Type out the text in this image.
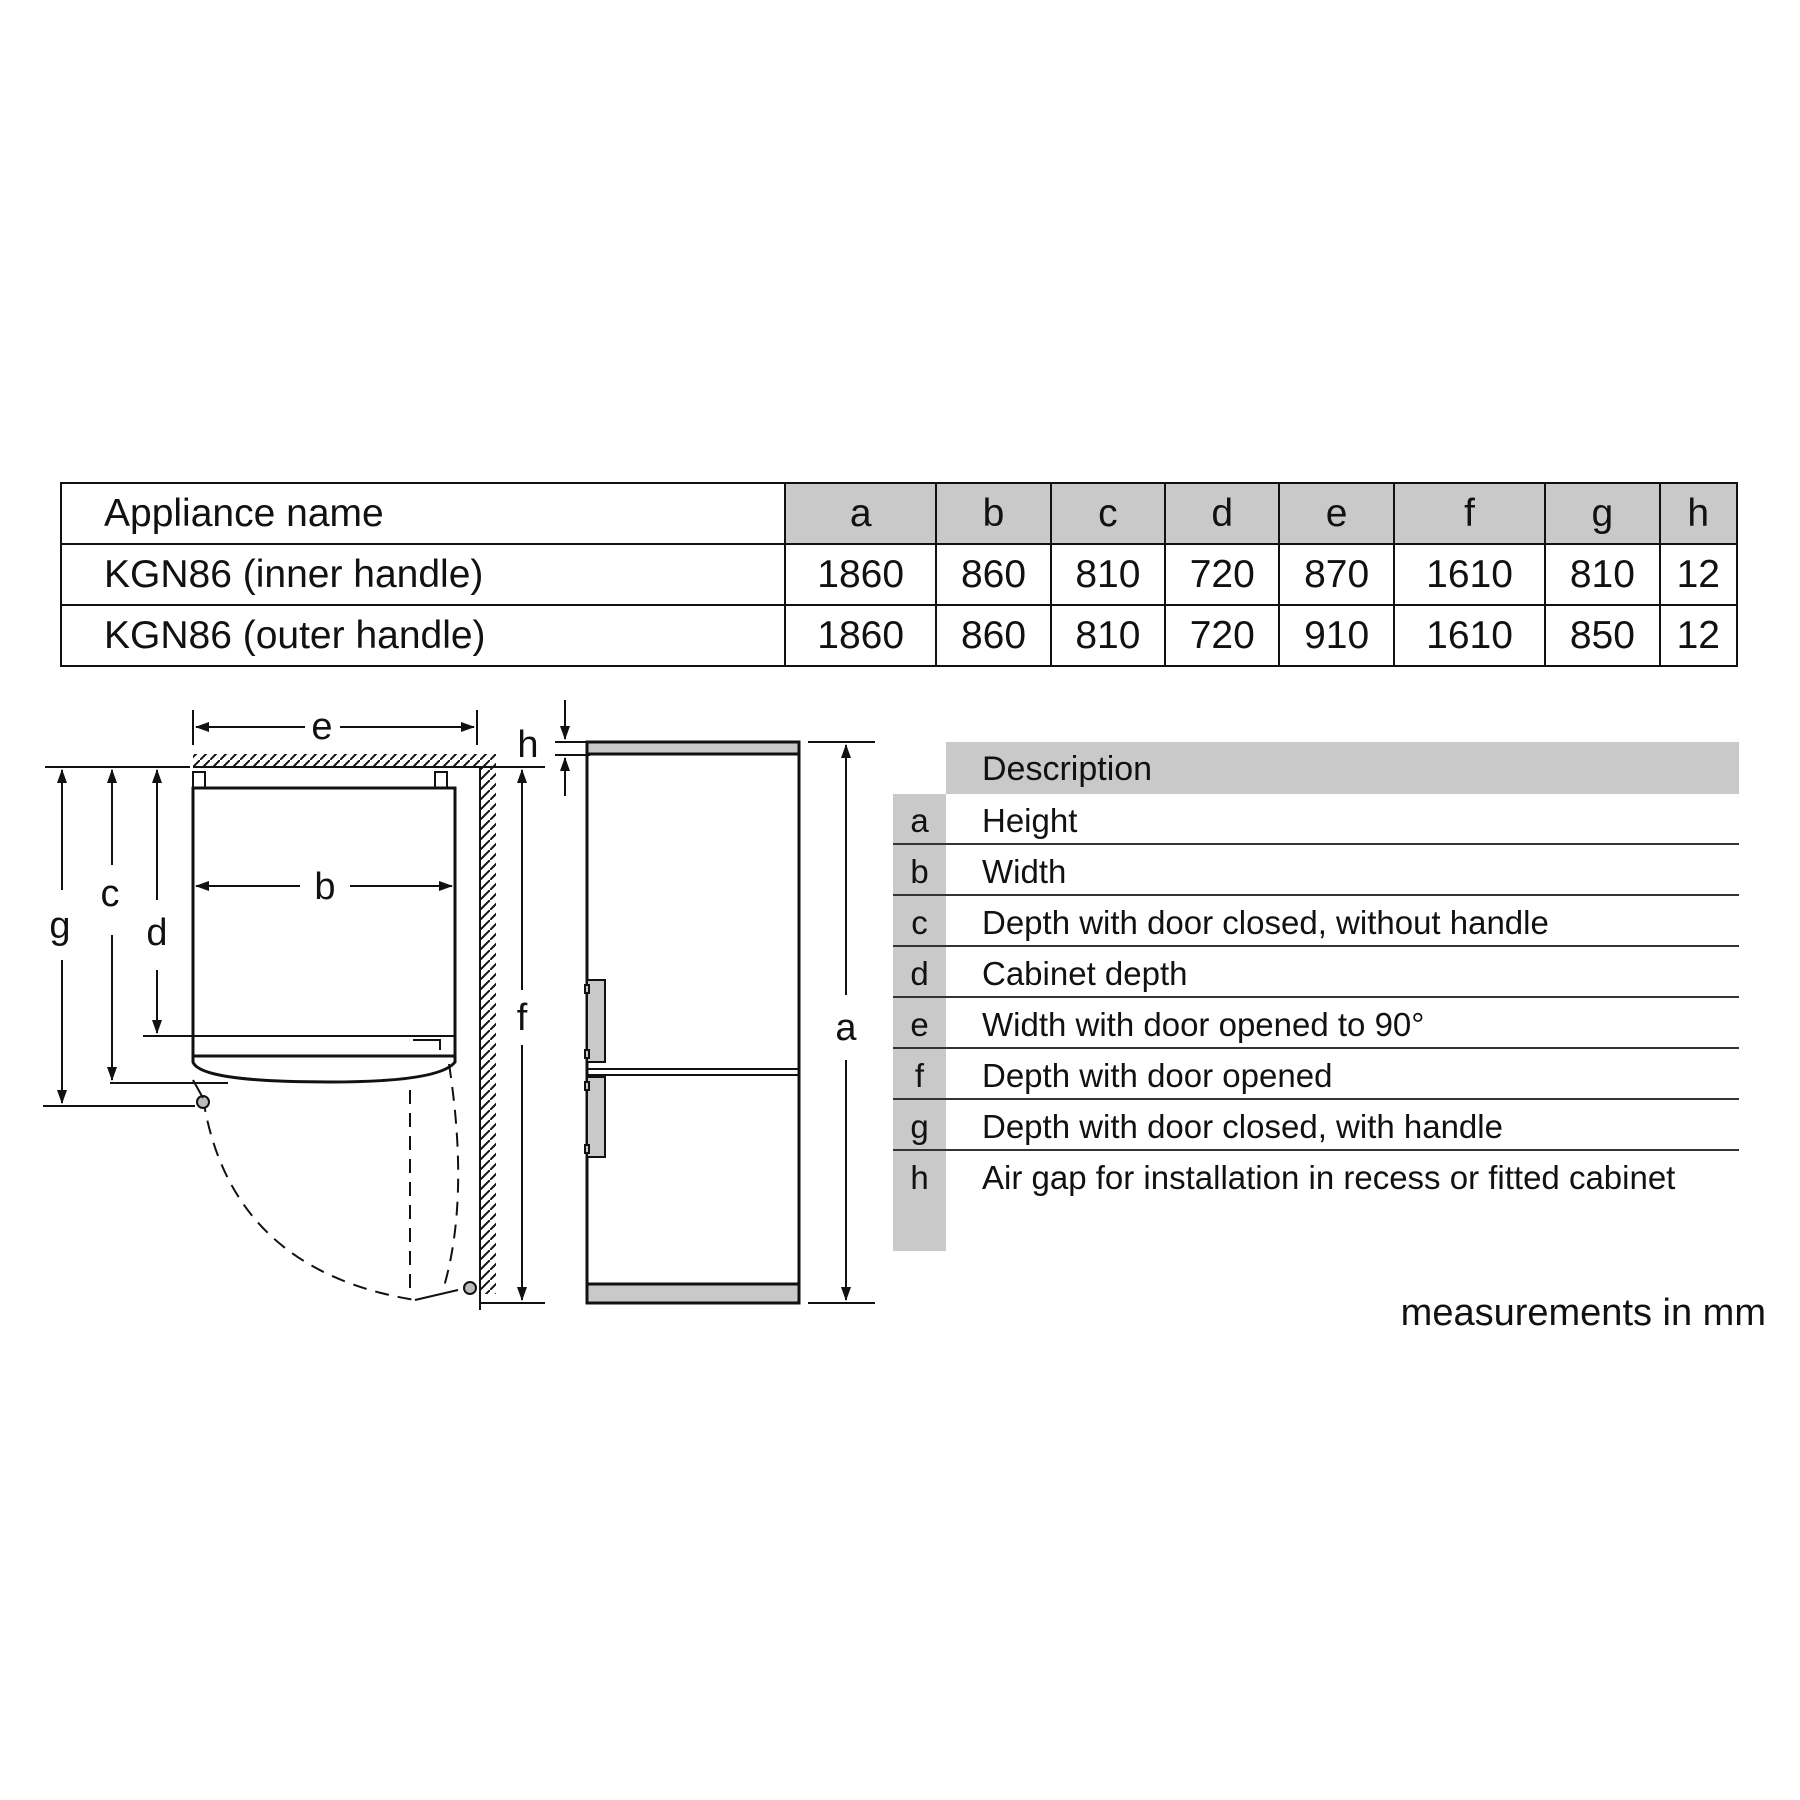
Appliance name	a	b	c	d	e	f	g	h
KGN86 (inner handle)	1860	860	810	720	870	1610	810	12
KGN86 (outer handle)	1860	860	810	720	910	1610	850	12
e
b
g
c
d
f
h
a
Description
a	Height
b	Width
c	Depth with door closed, without handle
d	Cabinet depth
e	Width with door opened to 90°
f	Depth with door opened
g	Depth with door closed, with handle
h	Air gap for installation in recess or fitted cabinet
measurements in mm
